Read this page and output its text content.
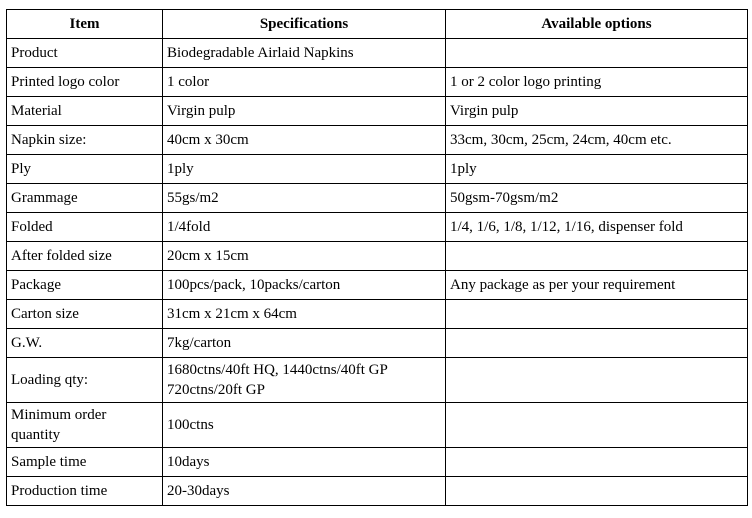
Item	Specifications	Available options

Product	Biodegradable Airlaid Napkins	

Printed logo color	1 color	1 or 2 color logo printing

Material	Virgin pulp	Virgin pulp

Napkin size:	40cm x 30cm	33cm, 30cm, 25cm, 24cm, 40cm etc.

Ply	1ply	1ply

Grammage	55gs/m2	50gsm-70gsm/m2

Folded	1/4fold	1/4, 1/6, 1/8, 1/12, 1/16, dispenser fold

After folded size	20cm x 15cm	

Package	100pcs/pack, 10packs/carton	Any package as per your requirement

Carton size	31cm x 21cm x 64cm	

G.W.	7kg/carton	

Loading qty:	1680ctns/40ft HQ, 1440ctns/40ft GP
720ctns/20ft GP	

Minimum order
quantity	100ctns	

Sample time	10days	

Production time	20-30days	
